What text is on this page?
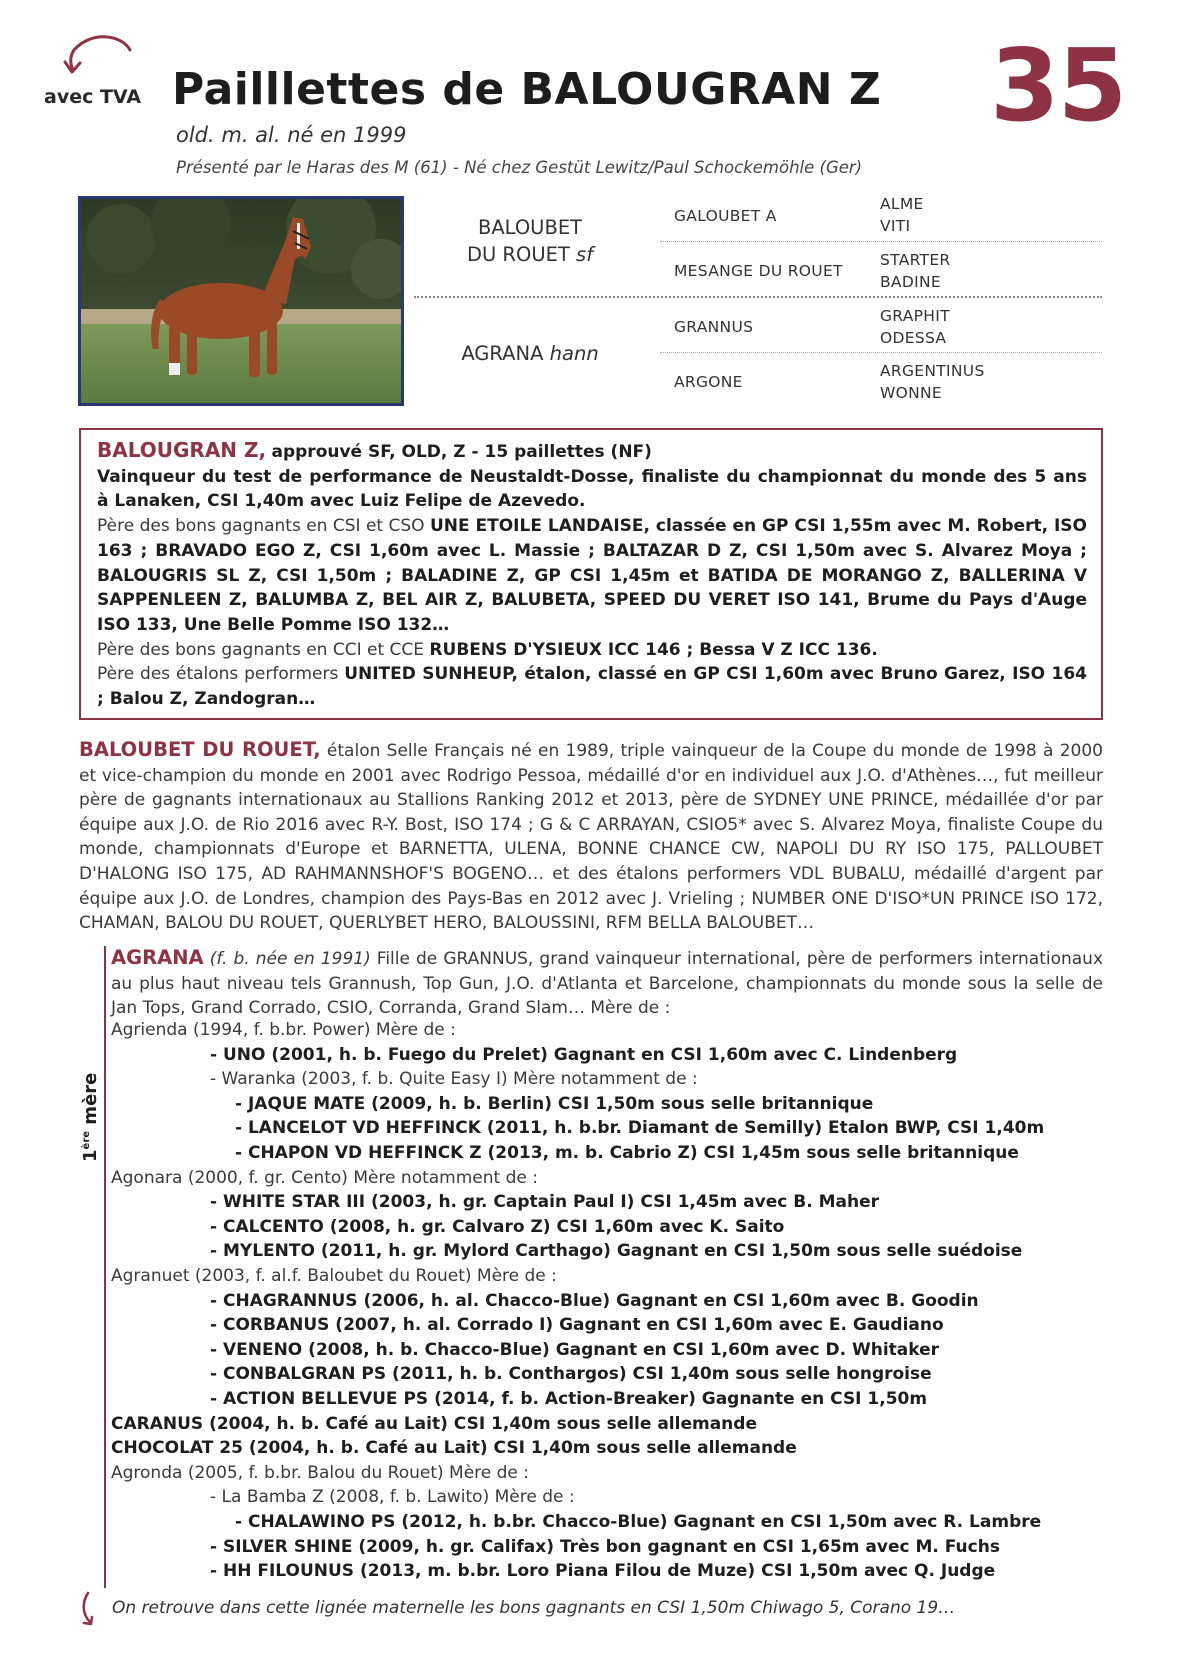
avec TVA Pailllettes de BALOUGRAN Z 35
old. m. al. né en 1999
Présenté par le Haras des M (61) - Né chez Gestüt Lewitz/Paul Schockemöhle (Ger)
BALOUBET
DU ROUET sf
AGRANA hann
GALOUBET A
MESANGE DU ROUET
GRANNUS
ARGONE
ALME
VITI
STARTER
BADINE
GRAPHIT
ODESSA
ARGENTINUS
WONNE

BALOUGRAN Z, approuvé SF, OLD, Z - 15 paillettes (NF)

Vainqueur du test de performance de Neustaldt-Dosse, finaliste du championnat du monde des 5 ans à Lanaken, CSI 1,40m avec Luiz Felipe de Azevedo.

Père des bons gagnants en CSI et CSO UNE ETOILE LANDAISE, classée en GP CSI 1,55m avec M. Robert, ISO 163 ; BRAVADO EGO Z, CSI 1,60m avec L. Massie ; BALTAZAR D Z, CSI 1,50m avec S. Alvarez Moya ; BALOUGRIS SL Z, CSI 1,50m ; BALADINE Z, GP CSI 1,45m et BATIDA DE MORANGO Z, BALLERINA V SAPPENLEEN Z, BALUMBA Z, BEL AIR Z, BALUBETA, SPEED DU VERET ISO 141, Brume du Pays d'Auge ISO 133, Une Belle Pomme ISO 132…

Père des bons gagnants en CCI et CCE RUBENS D'YSIEUX ICC 146 ; Bessa V Z ICC 136.

Père des étalons performers UNITED SUNHEUP, étalon, classé en GP CSI 1,60m avec Bruno Garez, ISO 164 ; Balou Z, Zandogran…

BALOUBET DU ROUET, étalon Selle Français né en 1989, triple vainqueur de la Coupe du monde de 1998 à 2000 et vice-champion du monde en 2001 avec Rodrigo Pessoa, médaillé d'or en individuel aux J.O. d'Athènes…, fut meilleur père de gagnants internationaux au Stallions Ranking 2012 et 2013, père de SYDNEY UNE PRINCE, médaillée d'or par équipe aux J.O. de Rio 2016 avec R-Y. Bost, ISO 174 ; G & C ARRAYAN, CSIO5* avec S. Alvarez Moya, finaliste Coupe du monde, championnats d'Europe et BARNETTA, ULENA, BONNE CHANCE CW, NAPOLI DU RY ISO 175, PALLOUBET D'HALONG ISO 175, AD RAHMANNSHOF'S BOGENO… et des étalons performers VDL BUBALU, médaillé d'argent par équipe aux J.O. de Londres, champion des Pays-Bas en 2012 avec J. Vrieling ; NUMBER ONE D'ISO*UN PRINCE ISO 172, CHAMAN, BALOU DU ROUET, QUERLYBET HERO, BALOUSSINI, RFM BELLA BALOUBET…

1ère mère

AGRANA (f. b. née en 1991) Fille de GRANNUS, grand vainqueur international, père de performers internationaux au plus haut niveau tels Grannush, Top Gun, J.O. d'Atlanta et Barcelone, championnats du monde sous la selle de Jan Tops, Grand Corrado, CSIO, Corranda, Grand Slam… Mère de :

Agrienda (1994, f. b.br. Power) Mère de :
- UNO (2001, h. b. Fuego du Prelet) Gagnant en CSI 1,60m avec C. Lindenberg
- Waranka (2003, f. b. Quite Easy I) Mère notamment de :
- JAQUE MATE (2009, h. b. Berlin) CSI 1,50m sous selle britannique
- LANCELOT VD HEFFINCK (2011, h. b.br. Diamant de Semilly) Etalon BWP, CSI 1,40m
- CHAPON VD HEFFINCK Z (2013, m. b. Cabrio Z) CSI 1,45m sous selle britannique
Agonara (2000, f. gr. Cento) Mère notamment de :
- WHITE STAR III (2003, h. gr. Captain Paul I) CSI 1,45m avec B. Maher
- CALCENTO (2008, h. gr. Calvaro Z) CSI 1,60m avec K. Saito
- MYLENTO (2011, h. gr. Mylord Carthago) Gagnant en CSI 1,50m sous selle suédoise
Agranuet (2003, f. al.f. Baloubet du Rouet) Mère de :
- CHAGRANNUS (2006, h. al. Chacco-Blue) Gagnant en CSI 1,60m avec B. Goodin
- CORBANUS (2007, h. al. Corrado I) Gagnant en CSI 1,60m avec E. Gaudiano
- VENENO (2008, h. b. Chacco-Blue) Gagnant en CSI 1,60m avec D. Whitaker
- CONBALGRAN PS (2011, h. b. Conthargos) CSI 1,40m sous selle hongroise
- ACTION BELLEVUE PS (2014, f. b. Action-Breaker) Gagnante en CSI 1,50m
CARANUS (2004, h. b. Café au Lait) CSI 1,40m sous selle allemande
CHOCOLAT 25 (2004, h. b. Café au Lait) CSI 1,40m sous selle allemande
Agronda (2005, f. b.br. Balou du Rouet) Mère de :
- La Bamba Z (2008, f. b. Lawito) Mère de :
- CHALAWINO PS (2012, h. b.br. Chacco-Blue) Gagnant en CSI 1,50m avec R. Lambre
- SILVER SHINE (2009, h. gr. Califax) Très bon gagnant en CSI 1,65m avec M. Fuchs
- HH FILOUNUS (2013, m. b.br. Loro Piana Filou de Muze) CSI 1,50m avec Q. Judge
On retrouve dans cette lignée maternelle les bons gagnants en CSI 1,50m Chiwago 5, Corano 19…
